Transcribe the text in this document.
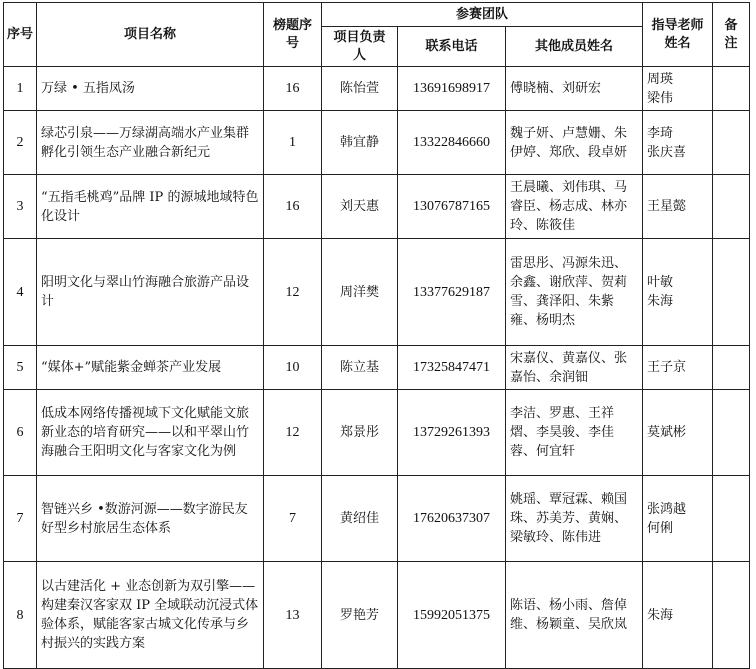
序号	项目名称	榜题序号	参赛团队			指导老师姓名	备注
			项目负责人	联系电话	其他成员姓名		
1	万绿 • 五指凤汤	16	陈怡萱	13691698917	傅晓楠、刘研宏	周瑛
梁伟	
2	绿芯引泉——万绿湖高端水产业集群孵化引领生态产业融合新纪元	1	韩宜静	13322846660	魏子妍、卢慧姗、朱伊婷、郑欣、段卓妍	李琦
张庆喜	
3	“五指毛桃鸡”品牌 IP 的源城地域特色化设计	16	刘天惠	13076787165	王晨曦、刘伟琪、马睿臣、杨志成、林亦玲、陈筱佳	王星懿	
4	阳明文化与翠山竹海融合旅游产品设计	12	周洋樊	13377629187	雷思彤、冯源朱迅、余鑫、谢欣萍、贺莉雪、龚泽阳、朱紫雍、杨明杰	叶敏
朱海	
5	“媒体+”赋能紫金蝉茶产业发展	10	陈立基	17325847471	宋嘉仪、黄嘉仪、张嘉怡、余润钿	王子京	
6	低成本网络传播视域下文化赋能文旅新业态的培育研究——以和平翠山竹海融合王阳明文化与客家文化为例	12	郑景彤	13729261393	李洁、罗惠、王祥熠、李昊骏、李佳蓉、何宜轩	莫斌彬	
7	智链兴乡 •数游河源——数字游民友好型乡村旅居生态体系	7	黄绍佳	17620637307	姚瑶、覃冠霖、赖国珠、苏美芳、黄娴、梁敏玲、陈伟进	张鸿越
何俐	
8	以古建活化 + 业态创新为双引擎——构建秦汉客家双 IP 全域联动沉浸式体验体系，赋能客家古城文化传承与乡村振兴的实践方案	13	罗艳芳	15992051375	陈语、杨小雨、詹倬维、杨颖童、吴欣岚	朱海	
